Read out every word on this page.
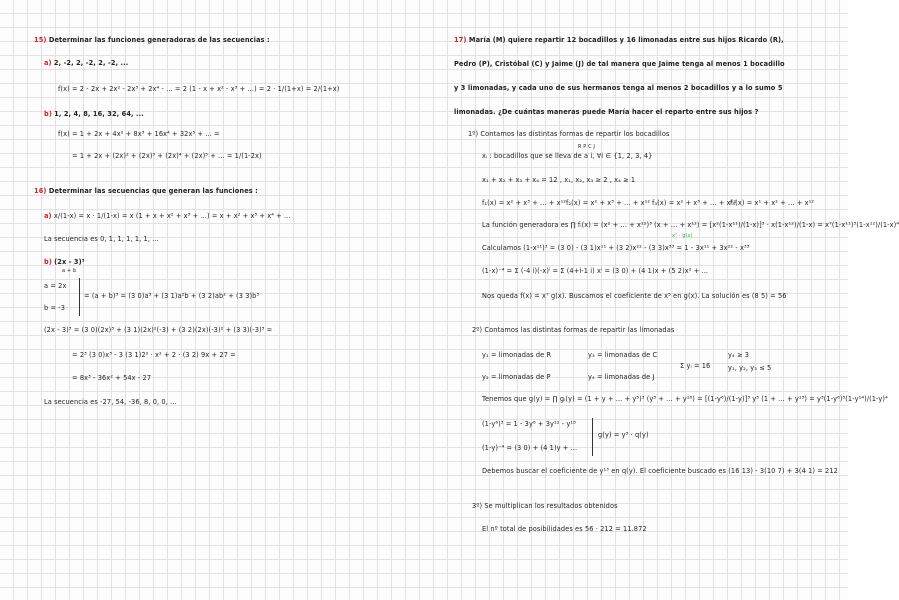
15) Determinar las funciones generadoras de las secuencias :
a) 2, -2, 2, -2, 2, -2, ...
f(x) = 2 - 2x + 2x² - 2x³ + 2x⁴ - ... = 2 (1 - x + x² - x³ + ...) = 2 · 1/(1+x) = 2/(1+x)
b) 1, 2, 4, 8, 16, 32, 64, ...
f(x) = 1 + 2x + 4x² + 8x³ + 16x⁴ + 32x⁵ + ... =
= 1 + 2x + (2x)² + (2x)³ + (2x)⁴ + (2x)⁵ + ... = 1/(1-2x)
16) Determinar las secuencias que generan las funciones :
a) x/(1-x) = x · 1/(1-x) = x (1 + x + x² + x³ + ...) = x + x² + x³ + x⁴ + ...
La secuencia es 0, 1, 1, 1, 1, 1, ...
b) (2x - 3)³
a + b
a = 2x
b = -3
= (a + b)³ = (3 0)a³ + (3 1)a²b + (3 2)ab² + (3 3)b³
(2x - 3)³ = (3 0)(2x)³ + (3 1)(2x)²(-3) + (3 2)(2x)(-3)² + (3 3)(-3)³ =
= 2³ (3 0)x³ - 3 (3 1)2² · x² + 2 · (3 2) 9x + 27 =
= 8x³ - 36x² + 54x - 27
La secuencia es -27, 54, -36, 8, 0, 0, ...
17) María (M) quiere repartir 12 bocadillos y 16 limonadas entre sus hijos Ricardo (R),
Pedro (P), Cristóbal (C) y Jaime (J) de tal manera que Jaime tenga al menos 1 bocadillo
y 3 limonadas, y cada uno de sus hermanos tenga al menos 2 bocadillos y a lo sumo 5
limonadas. ¿De cuántas maneras puede María hacer el reparto entre sus hijos ?
1º) Contamos las distintas formas de repartir los bocadillos
R P C J
xᵢ : bocadillos que se lleva de a i, ∀i ∈ {1, 2, 3, 4}
x₁ + x₂ + x₃ + x₄ = 12 , x₁, x₂, x₃ ≥ 2 , x₄ ≥ 1
f₁(x) = x² + x³ + ... + x¹² f₂(x) = x² + x³ + ... + x¹² f₃(x) = x² + x³ + ... + x¹²
f₄(x) = x¹ + x² + ... + x¹²
La función generadora es ∏ fᵢ(x) = (x² + ... + x¹²)³ (x + ... + x¹²) = [x²(1-x¹¹)/(1-x)]³ · x(1-x¹²)/(1-x) = x⁷(1-x¹¹)³(1-x¹²)/(1-x)⁴
x⁷ · g(x)
Calculamos (1-x¹¹)³ = (3 0) - (3 1)x¹¹ + (3 2)x²² - (3 3)x³³ = 1 - 3x¹¹ + 3x²² - x³³
(1-x)⁻⁴ = Σ (-4 i)(-x)ⁱ = Σ (4+i-1 i) xⁱ = (3 0) + (4 1)x + (5 2)x² + ...
Nos queda f(x) = x⁷ g(x). Buscamos el coeficiente de x⁵ en g(x). La solución es (8 5) = 56
2º) Contamos las distintas formas de repartir las limonadas
y₁ = limonadas de R	y₃ = limonadas de C
y₂ = limonadas de P	y₄ = limonadas de J
Σ yᵢ = 16
y₄ ≥ 3
y₁, y₂, y₃ ≤ 5
Tenemos que g(y) = ∏ gᵢ(y) = (1 + y + ... + y⁵)³ (y³ + ... + y¹⁶) = [(1-y⁶)/(1-y)]³ y³ (1 + ... + y¹³) = y³(1-y⁶)³(1-y¹⁴)/(1-y)⁴
(1-y⁶)³ = 1 - 3y⁶ + 3y¹² - y¹⁸
(1-y)⁻⁴ = (3 0) + (4 1)y + ...
g(y) = y³ · q(y)
Debemos buscar el coeficiente de y¹³ en q(y). El coeficiente buscado es (16 13) - 3(10 7) + 3(4 1) = 212
3º) Se multiplican los resultados obtenidos
El nº total de posibilidades es 56 · 212 = 11.872
